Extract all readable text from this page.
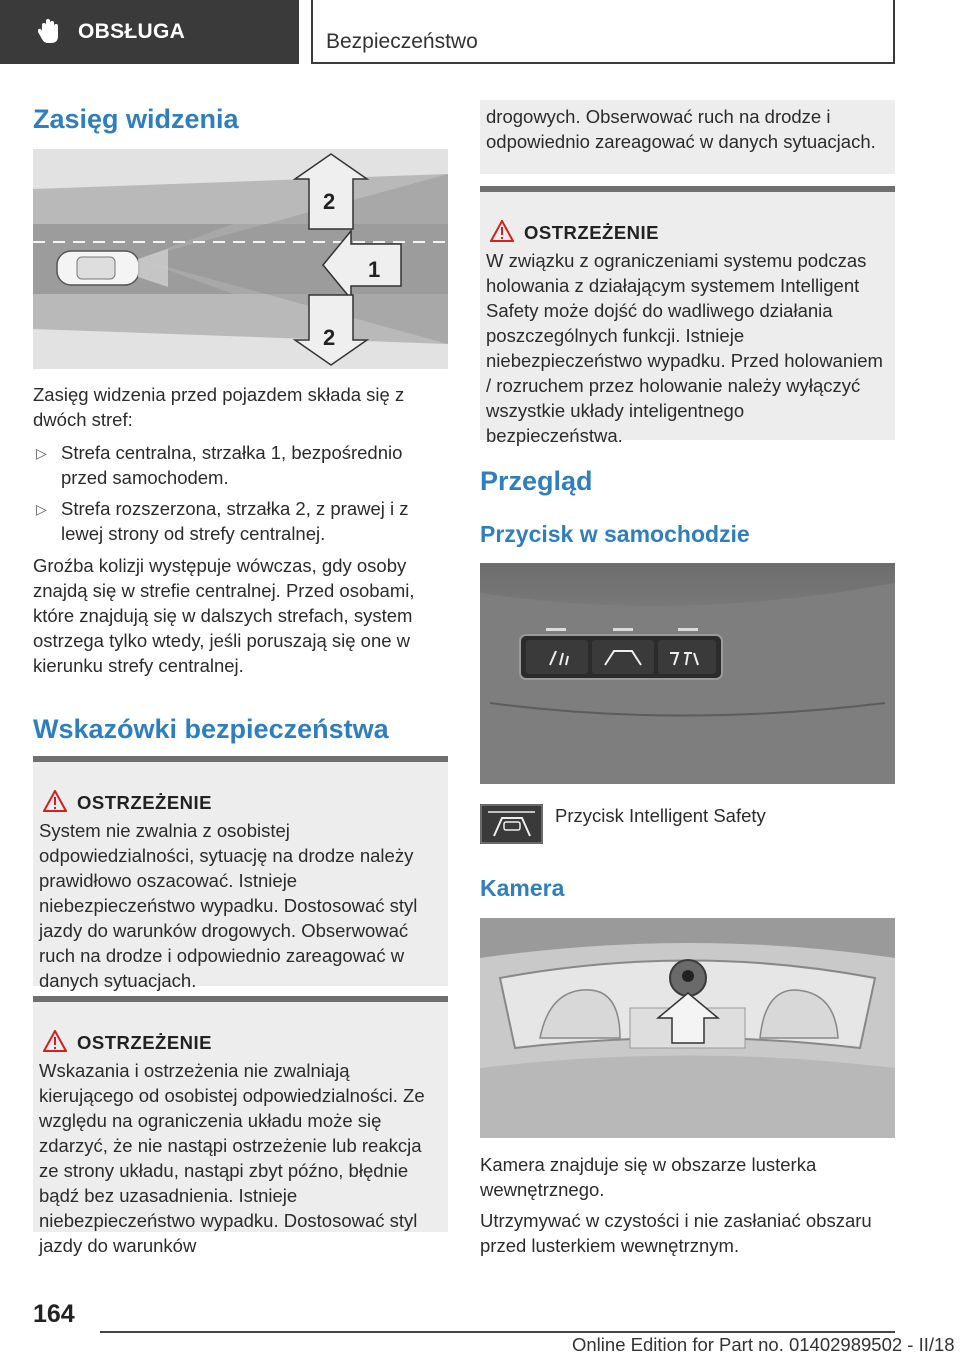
OBSŁUGA	Bezpieczeństwo
Zasięg widzenia
2
1
2

Zasięg widzenia przed pojazdem składa się z dwóch stref:

▷ Strefa centralna, strzałka 1, bezpośrednio przed samochodem.
▷ Strefa rozszerzona, strzałka 2, z prawej i z lewej strony od strefy centralnej.

Groźba kolizji występuje wówczas, gdy osoby znajdą się w strefie centralnej. Przed osobami, które znajdują się w dalszych strefach, system ostrzega tylko wtedy, jeśli poruszają się one w kierunku strefy centralnej.

Wskazówki bezpieczeństwa
OSTRZEŻENIE
System nie zwalnia z osobistej odpowiedzialności, sytuację na drodze należy prawidłowo oszacować. Istnieje niebezpieczeństwo wypadku. Dostosować styl jazdy do warunków drogowych. Obserwować ruch na drodze i odpowiednio zareagować w danych sytuacjach.
OSTRZEŻENIE
Wskazania i ostrzeżenia nie zwalniają kierującego od osobistej odpowiedzialności. Ze względu na ograniczenia układu może się zdarzyć, że nie nastąpi ostrzeżenie lub reakcja ze strony układu, nastąpi zbyt późno, błędnie bądź bez uzasadnienia. Istnieje niebezpieczeństwo wypadku. Dostosować styl jazdy do warunków
drogowych. Obserwować ruch na drodze i odpowiednio zareagować w danych sytuacjach.
OSTRZEŻENIE
W związku z ograniczeniami systemu podczas holowania z działającym systemem Intelligent Safety może dojść do wadliwego działania poszczególnych funkcji. Istnieje niebezpieczeństwo wypadku. Przed holowaniem / rozruchem przez holowanie należy wyłączyć wszystkie układy inteligentnego bezpieczeństwa.
Przegląd
Przycisk w samochodzie

Przycisk Intelligent Safety

Kamera

Kamera znajduje się w obszarze lusterka wewnętrznego.

Utrzymywać w czystości i nie zasłaniać obszaru przed lusterkiem wewnętrznym.

164
Online Edition for Part no. 01402989502 - II/18
